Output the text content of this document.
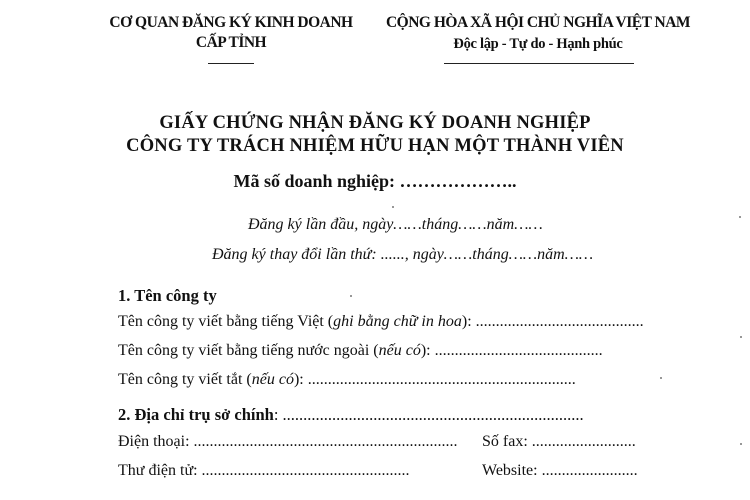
CƠ QUAN ĐĂNG KÝ KINH DOANH
CẤP TỈNH
CỘNG HÒA XÃ HỘI CHỦ NGHĨA VIỆT NAM
Độc lập - Tự do - Hạnh phúc
GIẤY CHỨNG NHẬN ĐĂNG KÝ DOANH NGHIỆP
CÔNG TY TRÁCH NHIỆM HỮU HẠN MỘT THÀNH VIÊN
Mã số doanh nghiệp: ………………..
Đăng ký lần đầu, ngày……tháng……năm……
Đăng ký thay đổi lần thứ: ......, ngày……tháng……năm……
1. Tên công ty
Tên công ty viết bằng tiếng Việt (ghi bằng chữ in hoa): ..........................................
Tên công ty viết bằng tiếng nước ngoài (nếu có): ..........................................
Tên công ty viết tắt (nếu có): ...................................................................
2. Địa chỉ trụ sở chính: .........................................................................
Điện thoại: .................................................................. Số fax: ..........................
Thư điện tử: ....................................................	Website: ........................
